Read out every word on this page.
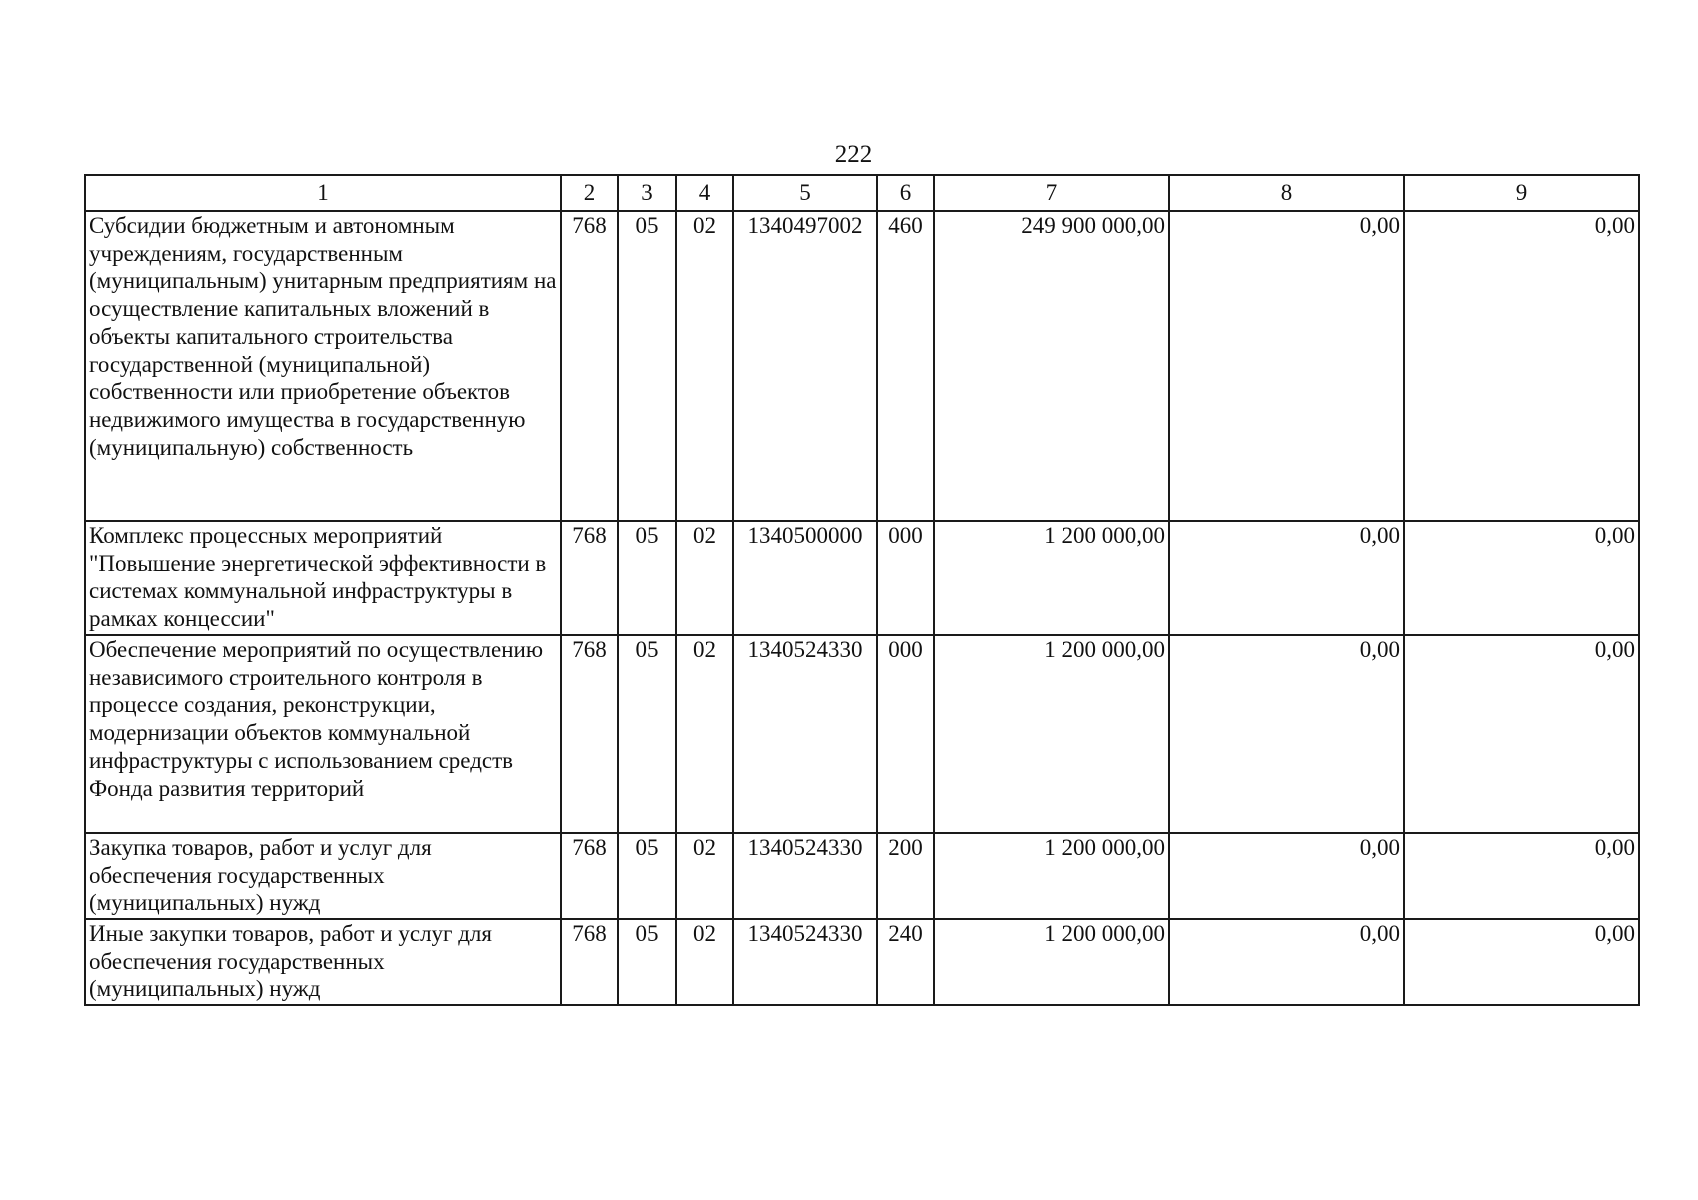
222
1	2	3	4	5	6	7	8	9
Субсидии бюджетным и автономным учреждениям, государственным (муниципальным) унитарным предприятиям на осуществление капитальных вложений в объекты капитального строительства государственной (муниципальной) собственности или приобретение объектов недвижимого имущества в государственную (муниципальную) собственность	768	05	02	1340497002	460	249 900 000,00	0,00	0,00
Комплекс процессных мероприятий "Повышение энергетической эффективности в системах коммунальной инфраструктуры в рамках концессии"	768	05	02	1340500000	000	1 200 000,00	0,00	0,00
Обеспечение мероприятий по осуществлению независимого строительного контроля в процессе создания, реконструкции, модернизации объектов коммунальной инфраструктуры с использованием средств Фонда развития территорий	768	05	02	1340524330	000	1 200 000,00	0,00	0,00
Закупка товаров, работ и услуг для обеспечения государственных (муниципальных) нужд	768	05	02	1340524330	200	1 200 000,00	0,00	0,00
Иные закупки товаров, работ и услуг для обеспечения государственных (муниципальных) нужд	768	05	02	1340524330	240	1 200 000,00	0,00	0,00
